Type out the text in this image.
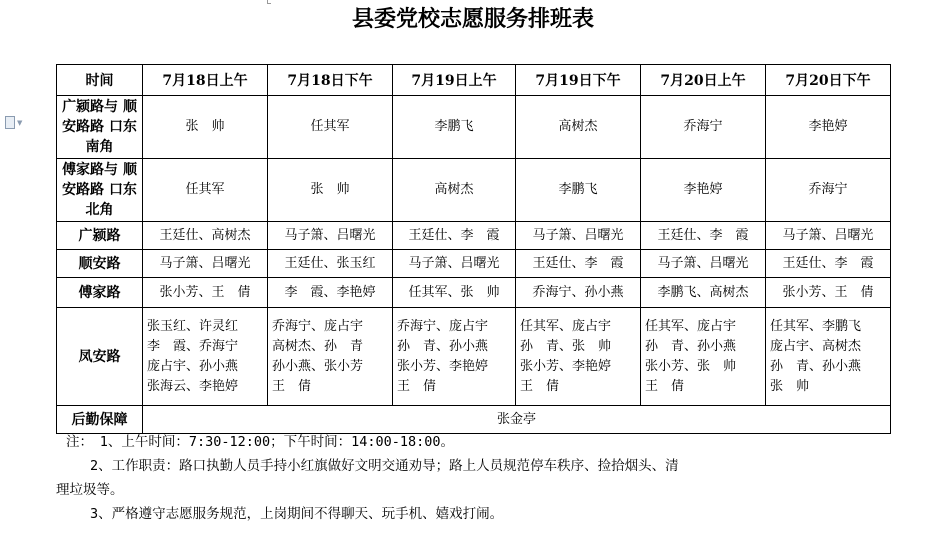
▼
县委党校志愿服务排班表
时间	7月18日上午	7月18日下午	7月19日上午	7月19日下午	7月20日上午	7月20日下午
广颍路与 顺安路路 口东南角	张　帅	任其军	李鹏飞	高树杰	乔海宁	李艳婷
傅家路与 顺安路路 口东北角	任其军	张　帅	高树杰	李鹏飞	李艳婷	乔海宁
广颍路	王廷仕、高树杰	马子箫、吕曙光	王廷仕、李　霞	马子箫、吕曙光	王廷仕、李　霞	马子箫、吕曙光
顺安路	马子箫、吕曙光	王廷仕、张玉红	马子箫、吕曙光	王廷仕、李　霞	马子箫、吕曙光	王廷仕、李　霞
傅家路	张小芳、王　倩	李　霞、李艳婷	任其军、张　帅	乔海宁、孙小燕	李鹏飞、高树杰	张小芳、王　倩
凤安路	张玉红、许灵红
李　霞、乔海宁
庞占宇、孙小燕
张海云、李艳婷	乔海宁、庞占宇
高树杰、孙　青
孙小燕、张小芳
王　倩	乔海宁、庞占宇
孙　青、孙小燕
张小芳、李艳婷
王　倩	任其军、庞占宇
孙　青、张　帅
张小芳、李艳婷
王　倩	任其军、庞占宇
孙　青、孙小燕
张小芳、张　帅
王　倩	任其军、李鹏飞
庞占宇、高树杰
孙　青、孙小燕
张　帅

后勤保障	张金亭					
注：　1、上午时间：7:30-12:00；下午时间：14:00-18:00。
2、工作职责：路口执勤人员手持小红旗做好文明交通劝导；路上人员规范停车秩序、捡拾烟头、清
理垃圾等。
3、严格遵守志愿服务规范，上岗期间不得聊天、玩手机、嬉戏打闹。
